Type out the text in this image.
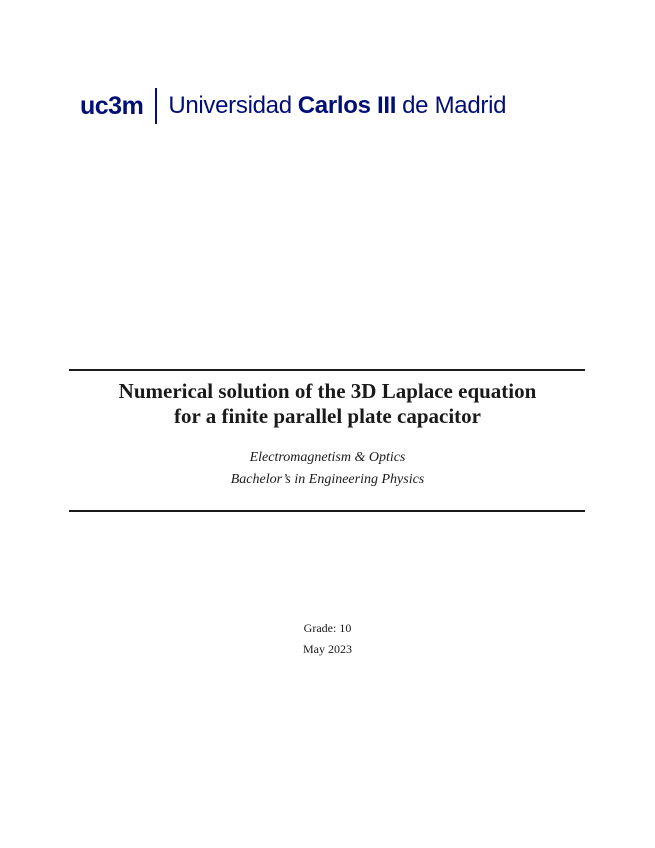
uc3m Universidad Carlos III de Madrid
Numerical solution of the 3D Laplace equation
for a finite parallel plate capacitor
Electromagnetism & Optics
Bachelor’s in Engineering Physics
Grade: 10
May 2023
